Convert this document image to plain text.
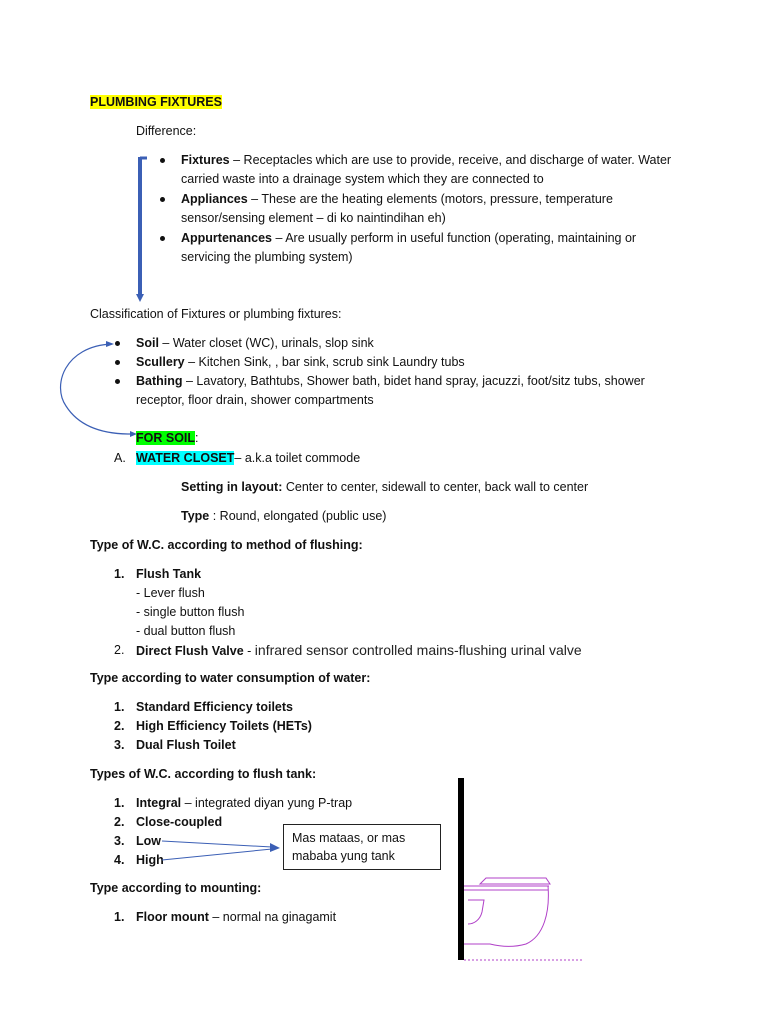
PLUMBING FIXTURES
Difference:
Fixtures – Receptacles which are use to provide, receive, and discharge of water. Water carried waste into a drainage system which they are connected to
Appliances – These are the heating elements (motors, pressure, temperature sensor/sensing element – di ko naintindihan eh)
Appurtenances – Are usually perform in useful function (operating, maintaining or servicing the plumbing system)
Classification of Fixtures or plumbing fixtures:
Soil – Water closet (WC), urinals, slop sink
Scullery – Kitchen Sink, , bar sink, scrub sink Laundry tubs
Bathing – Lavatory, Bathtubs, Shower bath, bidet hand spray, jacuzzi, foot/sitz tubs, shower receptor, floor drain, shower compartments
FOR SOIL:
A. WATER CLOSET– a.k.a toilet commode
Setting in layout: Center to center, sidewall to center, back wall to center
Type : Round, elongated (public use)
Type of W.C. according to method of flushing:
1. Flush Tank
- Lever flush
- single button flush
- dual button flush
2. Direct Flush Valve - infrared sensor controlled mains-flushing urinal valve
Type according to water consumption of water:
1. Standard Efficiency toilets
2. High Efficiency Toilets (HETs)
3. Dual Flush Toilet
Types of W.C. according to flush tank:
1. Integral – integrated diyan yung P-trap
2. Close-coupled
3. Low
4. High
Mas mataas, or mas mababa yung tank
Type according to mounting:
1. Floor mount – normal na ginagamit
